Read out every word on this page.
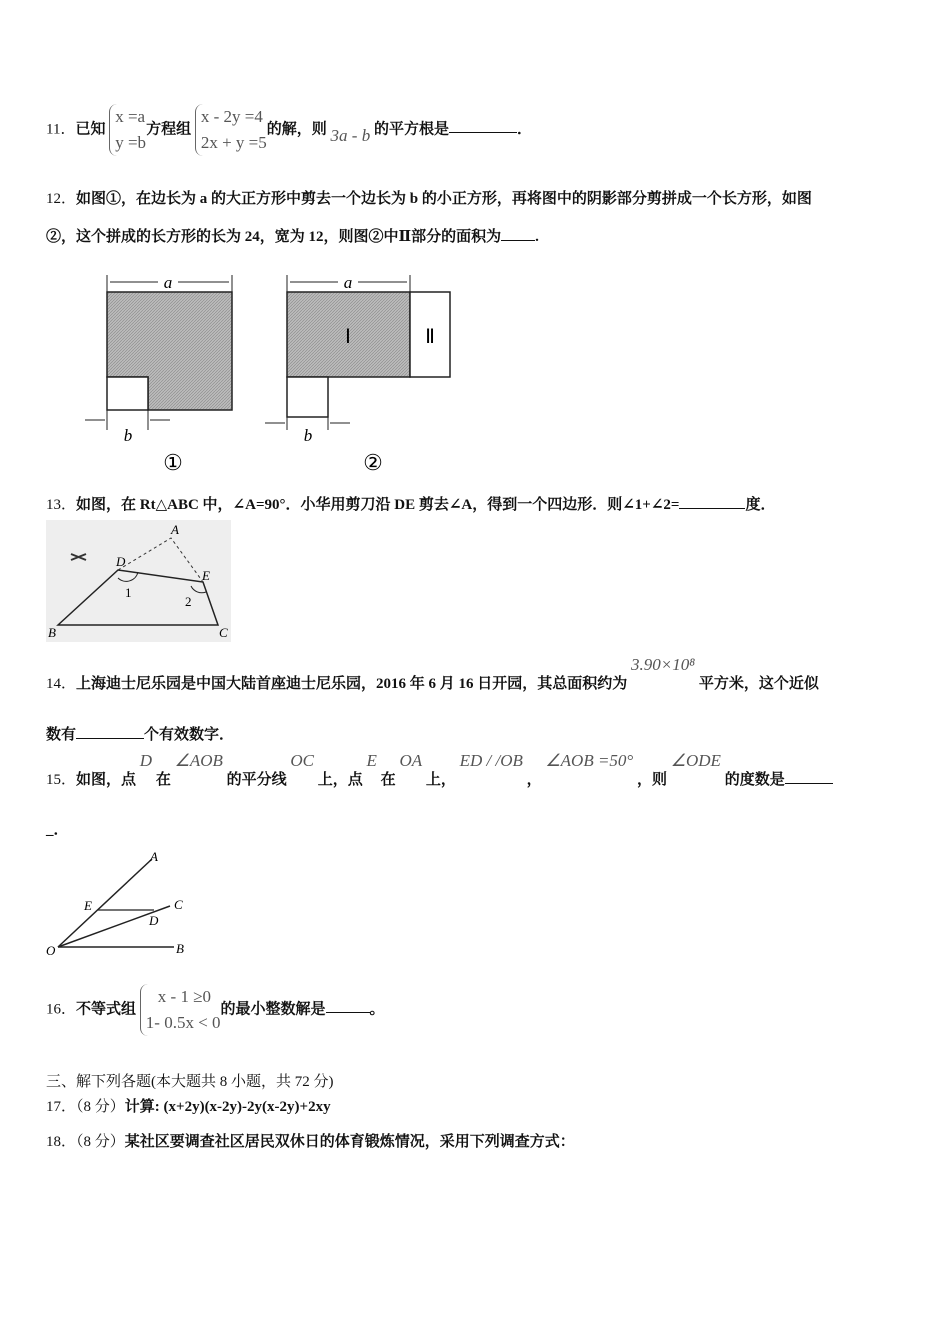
11．已知
x =a
y =b
方程组
x - 2y =4
2x + y =5
的解，则 3a - b 的平方根是	．
12．如图①，在边长为 a 的大正方形中剪去一个边长为 b 的小正方形，再将图中的阴影部分剪拼成一个长方形，如图
②，这个拼成的长方形的长为 24，宽为 12，则图②中Ⅱ部分的面积为 .
a
b
①
Ⅰ	Ⅱ
a
b
②
13．如图，在 Rt△ABC 中，∠A=90°．小华用剪刀沿 DE 剪去∠A，得到一个四边形．则∠1+∠2=	度．
A
B	C
D
E
1
2
14．上海迪士尼乐园是中国大陆首座迪士尼乐园，2016 年 6 月 16 日开园，其总面积约为 3.90×10⁸ 平方米，这个近似
数有	个有效数字．
15．如图，点 D 在 ∠AOB 的平分线 OC 上，点 E 在 OA 上， ED / /OB ， ∠AOB =50° ，则 ∠ODE 的度数是
_．
A
C
B
O
E
D
16．不等式组
x - 1 ≥0
1- 0.5x < 0
的最小整数解是	。
三、解下列各题(本大题共 8 小题，共 72 分)
17．（8 分）计算: (x+2y)(x-2y)-2y(x-2y)+2xy
18．（8 分）某社区要调查社区居民双休日的体育锻炼情况，采用下列调查方式：
